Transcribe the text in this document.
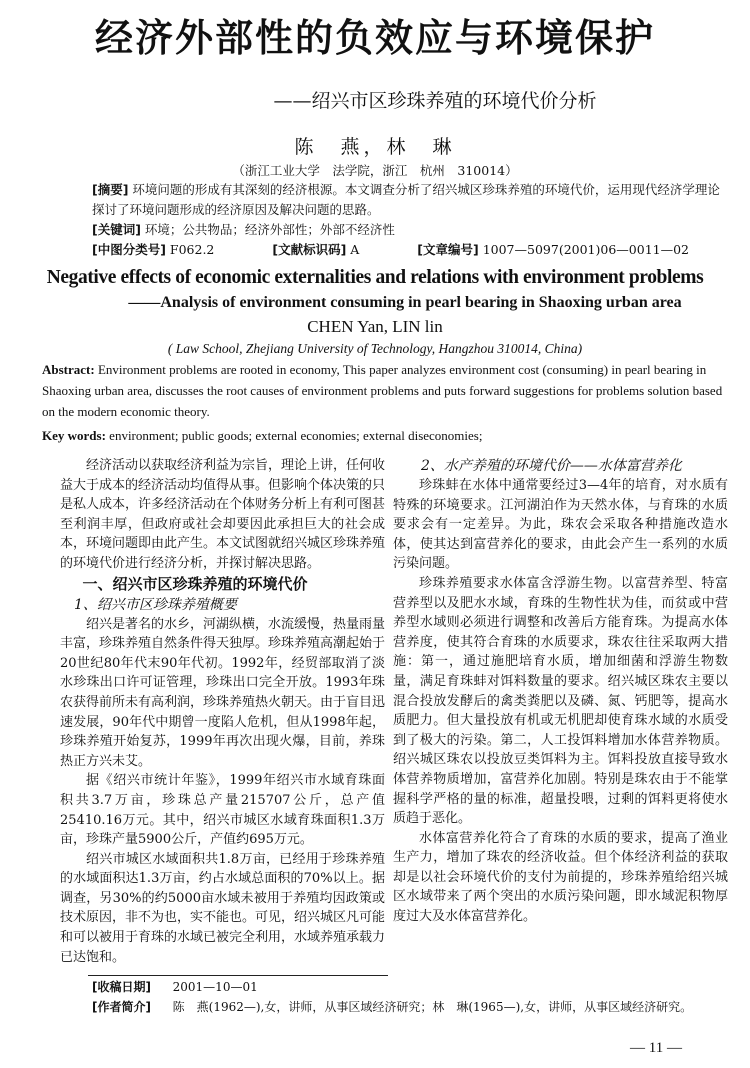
经济外部性的负效应与环境保护
——绍兴市区珍珠养殖的环境代价分析
陈　燕，林　琳
（浙江工业大学　法学院，浙江　杭州　310014）
[摘要] 环境问题的形成有其深刻的经济根源。本文调查分析了绍兴城区珍珠养殖的环境代价，运用现代经济学理论探讨了环境问题形成的经济原因及解决问题的思路。
[关键词] 环境；公共物品；经济外部性；外部不经济性
[中图分类号] F062.2	[文献标识码] A	[文章编号] 1007—5097(2001)06—0011—02
Negative effects of economic externalities and relations with environment problems
——Analysis of environment consuming in pearl bearing in Shaoxing urban area
CHEN Yan, LIN lin
( Law School, Zhejiang University of Technology, Hangzhou 310014, China)
Abstract: Environment problems are rooted in economy, This paper analyzes environment cost (consuming) in pearl bearing in Shaoxing urban area, discusses the root causes of environment problems and puts forward suggestions for problems solution based on the modern economic theory.
Key words: environment; public goods; external economies; external diseconomies;

经济活动以获取经济利益为宗旨，理论上讲，任何收益大于成本的经济活动均值得从事。但影响个体决策的只是私人成本，许多经济活动在个体财务分析上有利可图甚至利润丰厚，但政府或社会却要因此承担巨大的社会成本，环境问题即由此产生。本文试图就绍兴城区珍珠养殖的环境代价进行经济分析，并探讨解决思路。

一、绍兴市区珍珠养殖的环境代价
1、绍兴市区珍珠养殖概要

绍兴是著名的水乡，河湖纵横，水流缓慢，热量雨量丰富，珍珠养殖自然条件得天独厚。珍珠养殖高潮起始于20世纪80年代末90年代初。1992年，经贸部取消了淡水珍珠出口许可证管理，珍珠出口完全开放。1993年珠农获得前所未有高利润，珍珠养殖热火朝天。由于盲目迅速发展，90年代中期曾一度陷人危机，但从1998年起，珍珠养殖开始复苏，1999年再次出现火爆，目前，养珠热正方兴未艾。

据《绍兴市统计年鉴》，1999年绍兴市水域育珠面积共3.7万亩，珍珠总产量215707公斤，总产值25410.16万元。其中，绍兴市城区水域育珠面积1.3万亩，珍珠产量5900公斤，产值约695万元。

绍兴市城区水域面积共1.8万亩，已经用于珍珠养殖的水域面积达1.3万亩，约占水域总面积的70%以上。据调查，另30%的约5000亩水域未被用于养殖均因政策或技术原因，非不为也，实不能也。可见，绍兴城区凡可能和可以被用于育珠的水域已被完全利用，水域养殖承载力已达饱和。

2、水产养殖的环境代价——水体富营养化

珍珠蚌在水体中通常要经过3—4年的培育，对水质有特殊的环境要求。江河湖泊作为天然水体，与育珠的水质要求会有一定差异。为此，珠农会采取各种措施改造水体，使其达到富营养化的要求，由此会产生一系列的水质污染问题。

珍珠养殖要求水体富含浮游生物。以富营养型、特富营养型以及肥水水域，育珠的生物性状为佳，而贫或中营养型水域则必须进行调整和改善后方能育珠。为提高水体营养度，使其符合育珠的水质要求，珠农往往采取两大措施：第一，通过施肥培育水质，增加细菌和浮游生物数量，满足育珠蚌对饵料数量的要求。绍兴城区珠农主要以混合投放发酵后的禽类粪肥以及磷、氮、钙肥等，提高水质肥力。但大量投放有机或无机肥却使育珠水域的水质受到了极大的污染。第二，人工投饵料增加水体营养物质。绍兴城区珠农以投放豆类饵料为主。饵料投放直接导致水体营养物质增加，富营养化加剧。特别是珠农由于不能掌握科学严格的量的标准，超量投喂，过剩的饵料更将使水质趋于恶化。

水体富营养化符合了育珠的水质的要求，提高了渔业生产力，增加了珠农的经济收益。但个体经济利益的获取却是以社会环境代价的支付为前提的，珍珠养殖给绍兴城区水域带来了两个突出的水质污染问题，即水域泥积物厚度过大及水体富营养化。

[收稿日期] 2001—10—01
[作者简介] 陈　燕(1962—),女，讲师，从事区域经济研究；林　琳(1965—),女，讲师，从事区域经济研究。
— 11 —
